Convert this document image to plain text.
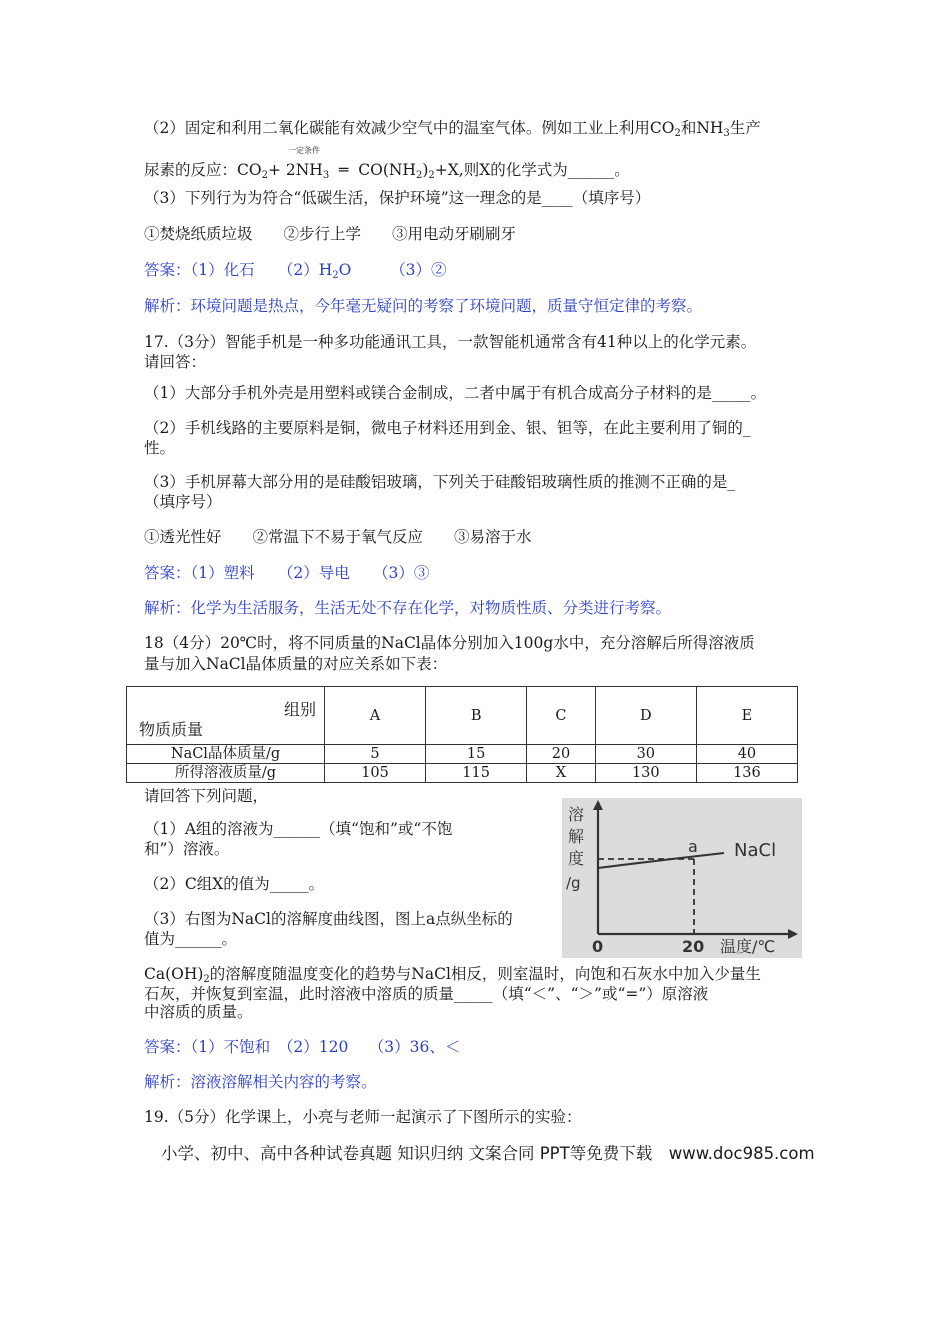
（2）固定和利用二氧化碳能有效减少空气中的温室气体。例如工业上利用$CO_2$和$NH_3$生产
一定条件
尿素的反应：$CO_2+ 2NH_3$ ═ $CO(NH_2)_2+X$,则X的化学式为______。
（3）下列行为为符合“低碳生活，保护环境”这一理念的是____（填序号）
①焚烧纸质垃圾　　②步行上学　　③用电动牙刷刷牙
答案：（1）化石　　$(2)H_2O$　　　（3）②
解析：环境问题是热点，今年毫无疑问的考察了环境问题，质量守恒定律的考察。
17.（3分）智能手机是一种多功能通讯工具，一款智能机通常含有41种以上的化学元素。
请回答：
（1）大部分手机外壳是用塑料或镁合金制成，二者中属于有机合成高分子材料的是_____。
（2）手机线路的主要原料是铜，微电子材料还用到金、银、钽等，在此主要利用了铜的_
性。
（3）手机屏幕大部分用的是硅酸铝玻璃，下列关于硅酸铝玻璃性质的推测不正确的是_
（填序号）
①透光性好　　②常温下不易于氧气反应　　③易溶于水
答案：（1）塑料　　（2）导电　　（3）③
解析：化学为生活服务，生活无处不存在化学，对物质性质、分类进行考察。
18（4分）20℃时，将不同质量的NaCl晶体分别加入100g水中，充分溶解后所得溶液质
量与加入NaCl晶体质量的对应关系如下表：
组别
物质质量	A	B	C	D	E
NaCl晶体质量/g	5	15	20	30	40
所得溶液质量/g	105	115	X	130	136
请回答下列问题，
（1）A组的溶液为______（填“饱和”或“不饱
和”）溶液。
（2）C组X的值为_____。
（3）右图为NaCl的溶解度曲线图，图上a点纵坐标的
值为______。
溶
解
度
/g
a NaCl
0	20 温度/℃
$Ca(OH)_2$的溶解度随温度变化的趋势与NaCl相反，则室温时，向饱和石灰水中加入少量生
石灰，并恢复到室温，此时溶液中溶质的质量_____（填“＜”、“＞”或“=”）原溶液
中溶质的质量。
答案：（1）不饱和　（2）120　 （3）36、＜
解析：溶液溶解相关内容的考察。
19.（5分）化学课上，小亮与老师一起演示了下图所示的实验：
小学、初中、高中各种试卷真题 知识归纳 文案合同 PPT等免费下载　www.doc985.com
